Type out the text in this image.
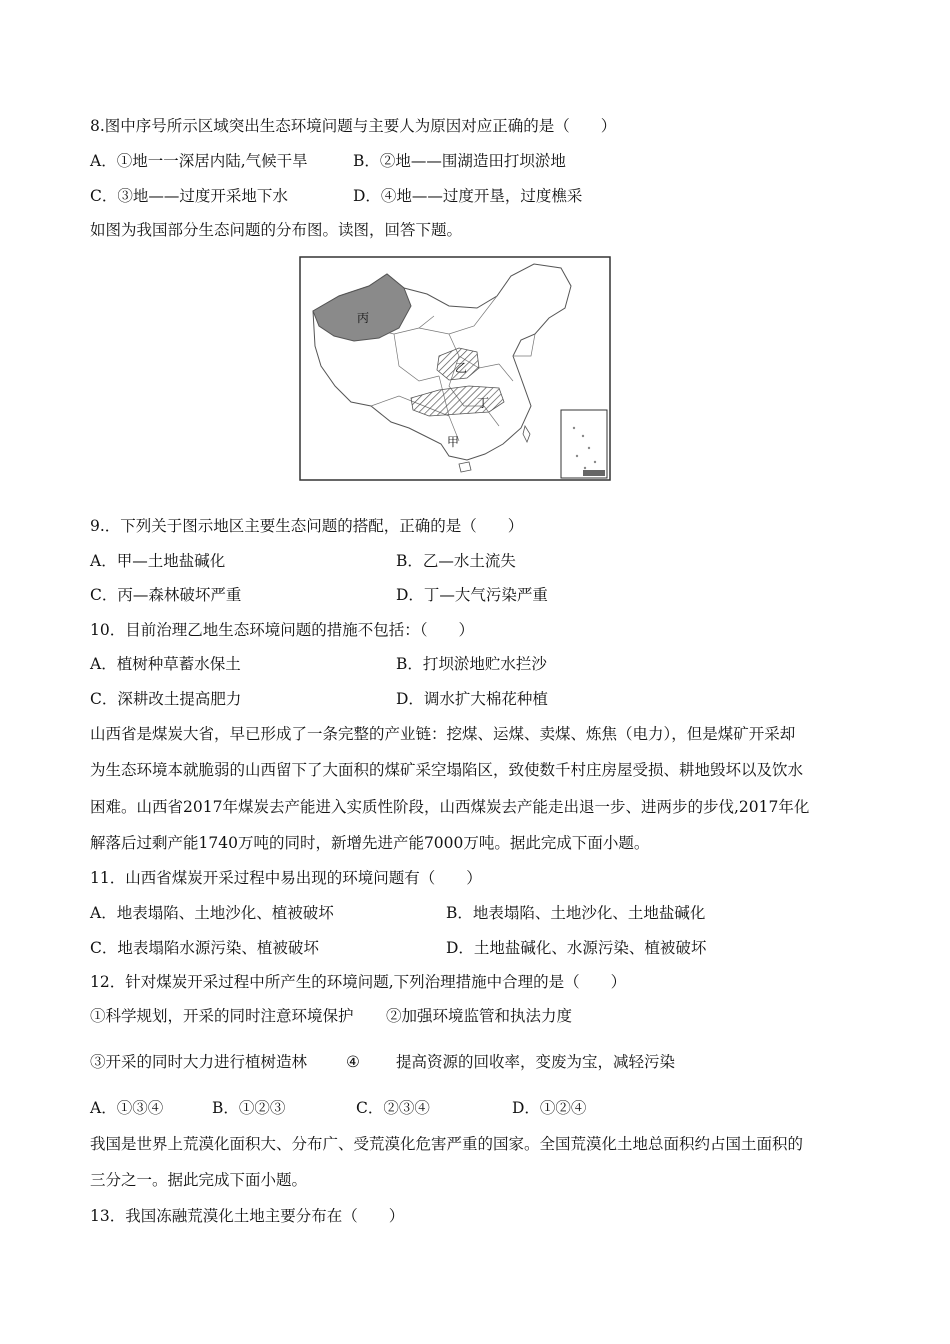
8.图中序号所示区域突出生态环境问题与主要人为原因对应正确的是（　　）
A．①地一一深居内陆,气候干旱	B．②地——围湖造田打坝淤地
C．③地——过度开采地下水	D．④地——过度开垦，过度樵采
如图为我国部分生态问题的分布图。读图，回答下题。
丙
乙
丁
甲
9.．下列关于图示地区主要生态问题的搭配，正确的是（　　）
A．甲—土地盐碱化	B．乙—水土流失
C．丙—森林破坏严重	D．丁—大气污染严重
10．目前治理乙地生态环境问题的措施不包括：（　　）
A．植树种草蓄水保土	B．打坝淤地贮水拦沙
C．深耕改土提高肥力	D．调水扩大棉花种植
山西省是煤炭大省，早已形成了一条完整的产业链：挖煤、运煤、卖煤、炼焦（电力），但是煤矿开采却
为生态环境本就脆弱的山西留下了大面积的煤矿采空塌陷区，致使数千村庄房屋受损、耕地毁坏以及饮水
困难。山西省2017年煤炭去产能进入实质性阶段，山西煤炭去产能走出退一步、进两步的步伐,2017年化
解落后过剩产能1740万吨的同时，新增先进产能7000万吨。据此完成下面小题。
11．山西省煤炭开采过程中易出现的环境问题有（　　）
A．地表塌陷、土地沙化、植被破坏	B．地表塌陷、土地沙化、土地盐碱化
C．地表塌陷水源污染、植被破坏	D．土地盐碱化、水源污染、植被破坏
12．针对煤炭开采过程中所产生的环境问题,下列治理措施中合理的是（　　）
①科学规划，开采的同时注意环境保护 ②加强环境监管和执法力度
③开采的同时大力进行植树造林	④ 提高资源的回收率，变废为宝，减轻污染
A．①③④	B．①②③	C．②③④	D．①②④
我国是世界上荒漠化面积大、分布广、受荒漠化危害严重的国家。全国荒漠化土地总面积约占国土面积的
三分之一。据此完成下面小题。
13．我国冻融荒漠化土地主要分布在（　　）
